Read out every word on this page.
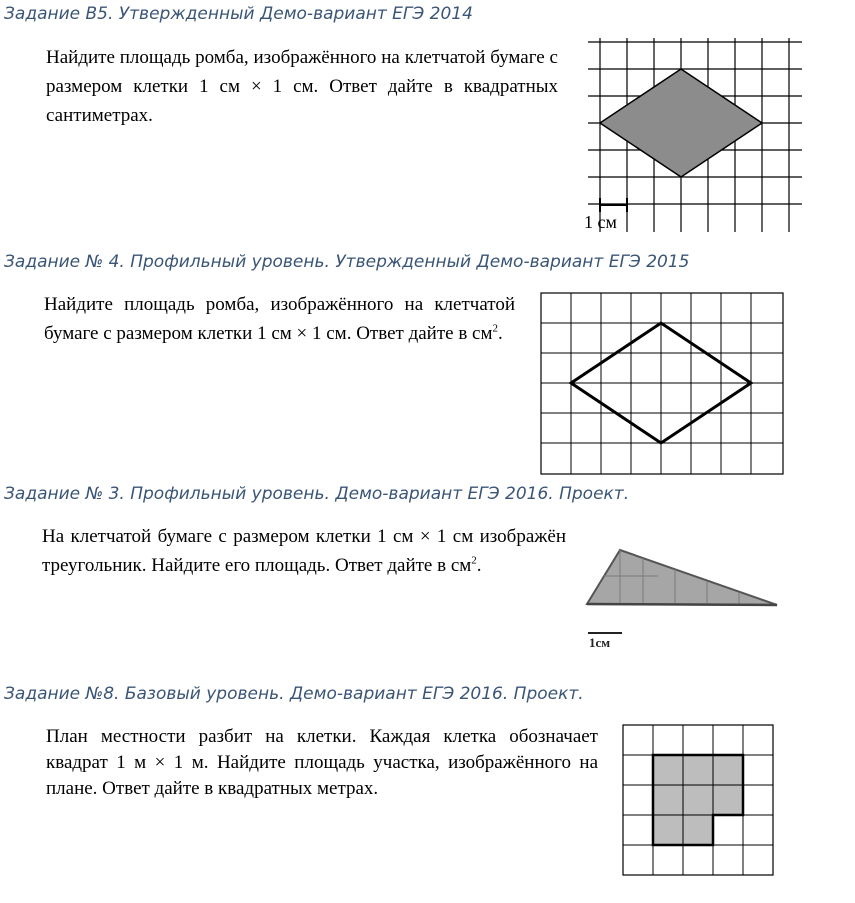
Задание B5. Утвержденный Демо-вариант ЕГЭ 2014
Найдите площадь ромба, изображённого на клетчатой бумаге с размером клетки 1 см × 1 см. Ответ дайте в квадратных сантиметрах.
1 см
Задание № 4. Профильный уровень. Утвержденный Демо-вариант ЕГЭ 2015
Найдите площадь ромба, изображённого на клетчатой бумаге с размером клетки 1 см × 1 см. Ответ дайте в $см^2$.
Задание № 3. Профильный уровень. Демо-вариант ЕГЭ 2016. Проект.
На клетчатой бумаге с размером клетки 1 см × 1 см изображён треугольник. Найдите его площадь. Ответ дайте в $см^2$.
1см
Задание №8. Базовый уровень. Демо-вариант ЕГЭ 2016. Проект.
План местности разбит на клетки. Каждая клетка обозначает квадрат 1 м × 1 м. Найдите площадь участка, изображённого на плане. Ответ дайте в квадратных метрах.
